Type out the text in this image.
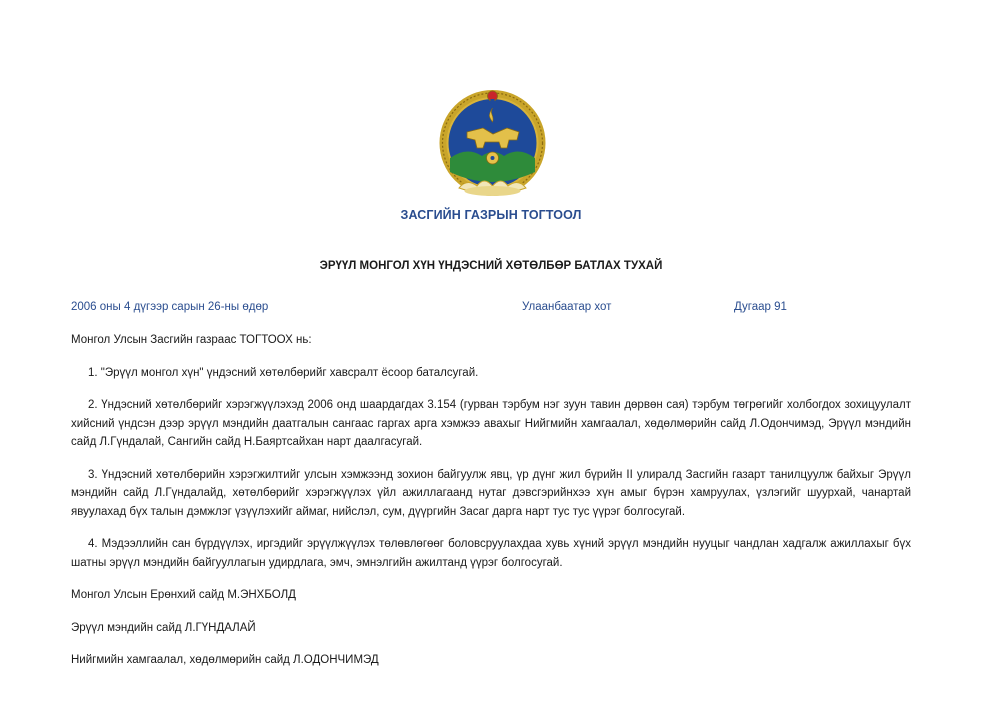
ЗАСГИЙН ГАЗРЫН ТОГТООЛ
ЭРҮҮЛ МОНГОЛ ХҮН ҮНДЭСНИЙ ХӨТӨЛБӨР БАТЛАХ ТУХАЙ
2006 оны 4 дүгээр сарын 26-ны өдөр	Улаанбаатар хот	Дугаар 91

Монгол Улсын Засгийн газраас ТОГТООХ нь:

1. "Эрүүл монгол хүн" үндэсний хөтөлбөрийг хавсралт ёсоор баталсугай.

2. Үндэсний хөтөлбөрийг хэрэгжүүлэхэд 2006 онд шаардагдах 3.154 (гурван тэрбум нэг зуун тавин дөрвөн сая) тэрбум төгрөгийг холбогдох зохицуулалт хийсний үндсэн дээр эрүүл мэндийн даатгалын сангаас гаргах арга хэмжээ авахыг Нийгмийн хамгаалал, хөдөлмөрийн сайд Л.Одончимэд, Эрүүл мэндийн сайд Л.Гүндалай, Сангийн сайд Н.Баяртсайхан нарт даалгасугай.

3. Үндэсний хөтөлбөрийн хэрэгжилтийг улсын хэмжээнд зохион байгуулж явц, үр дүнг жил бүрийн II улиралд Засгийн газарт танилцуулж байхыг Эрүүл мэндийн сайд Л.Гүндалайд, хөтөлбөрийг хэрэгжүүлэх үйл ажиллагаанд нутаг дэвсгэрийнхээ хүн амыг бүрэн хамруулах, үзлэгийг шуурхай, чанартай явуулахад бүх талын дэмжлэг үзүүлэхийг аймаг, нийслэл, сум, дүүргийн Засаг дарга нарт тус тус үүрэг болгосугай.

4. Мэдээллийн сан бүрдүүлэх, иргэдийг эрүүлжүүлэх төлөвлөгөөг боловсруулахдаа хувь хүний эрүүл мэндийн нууцыг чандлан хадгалж ажиллахыг бүх шатны эрүүл мэндийн байгууллагын удирдлага, эмч, эмнэлгийн ажилтанд үүрэг болгосугай.

Монгол Улсын Ерөнхий сайд М.ЭНХБОЛД

Эрүүл мэндийн сайд Л.ГҮНДАЛАЙ

Нийгмийн хамгаалал, хөдөлмөрийн сайд Л.ОДОНЧИМЭД
